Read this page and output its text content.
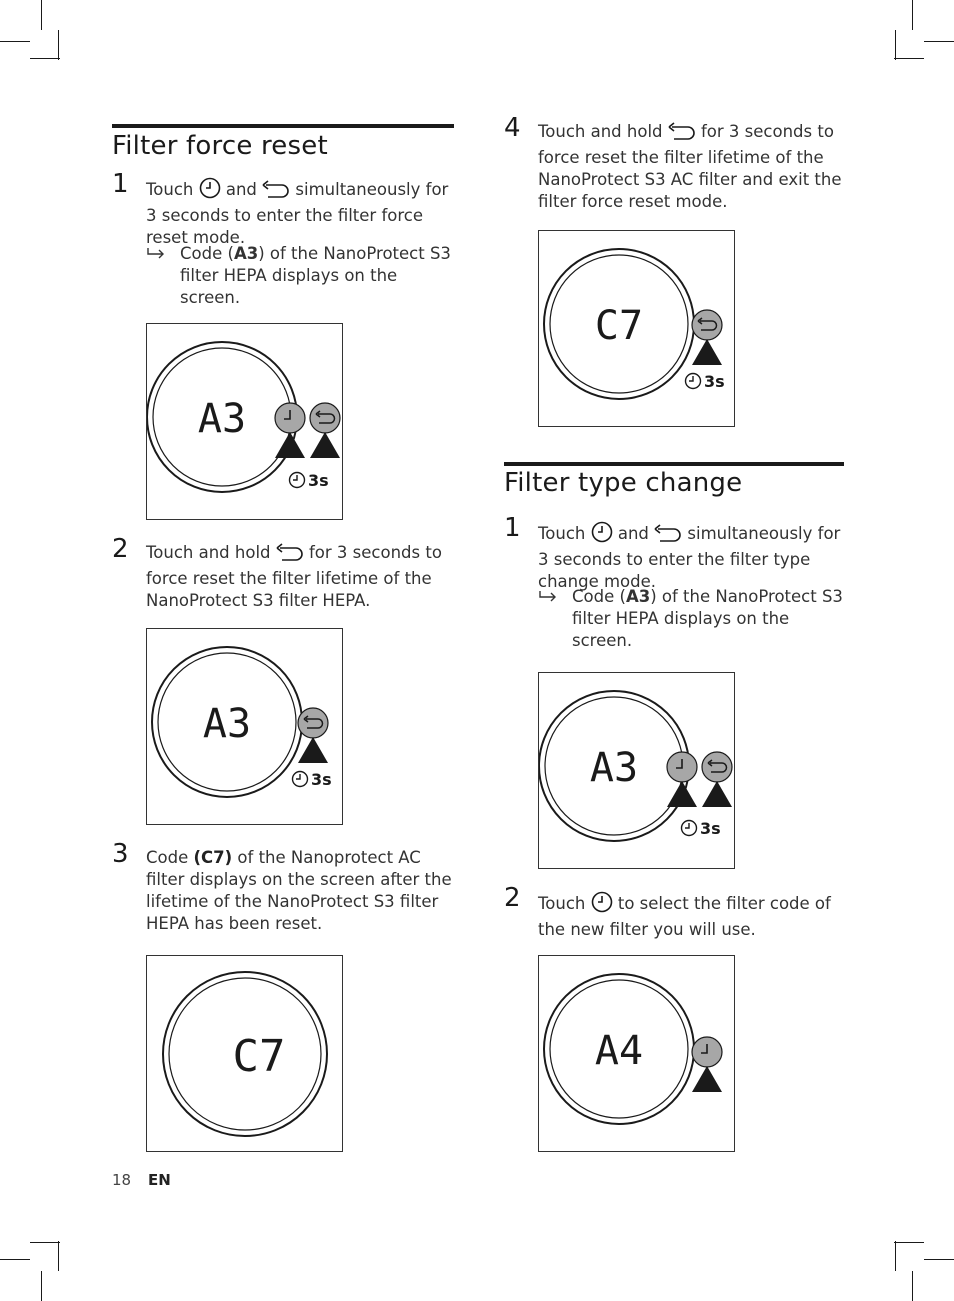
Filter force reset
1 Touch and simultaneously for 3 seconds to enter the filter force reset mode.
Code (A3) of the NanoProtect S3 filter HEPA displays on the screen.
A3
3s
2 Touch and hold for 3 seconds to force reset the filter lifetime of the NanoProtect S3 filter HEPA.
A3
3s
3 Code (C7) of the Nanoprotect AC filter displays on the screen after the lifetime of the NanoProtect S3 filter HEPA has been reset.
C7
4 Touch and hold for 3 seconds to force reset the filter lifetime of the NanoProtect S3 AC filter and exit the filter force reset mode.
C7
3s
Filter type change
1 Touch and simultaneously for 3 seconds to enter the filter type change mode.
Code (A3) of the NanoProtect S3 filter HEPA displays on the screen.
A3
3s
2 Touch to select the filter code of the new filter you will use.
A4
18 EN
